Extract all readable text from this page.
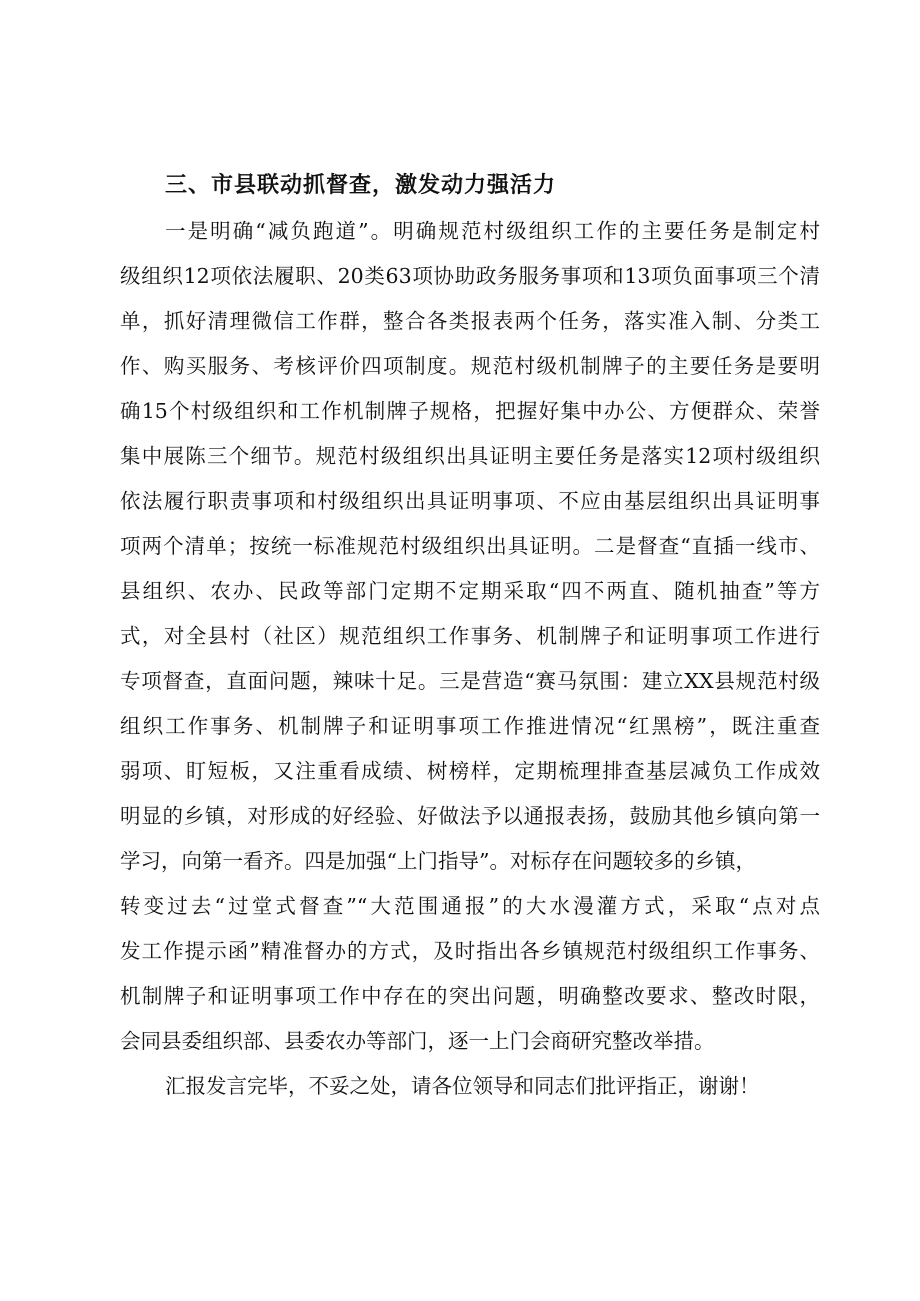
三、市县联动抓督查，激发动力强活力
一是明确“减负跑道”。明确规范村级组织工作的主要任务是制定村
级组织12项依法履职、20类63项协助政务服务事项和13项负面事项三个清
单，抓好清理微信工作群，整合各类报表两个任务，落实准入制、分类工
作、购买服务、考核评价四项制度。规范村级机制牌子的主要任务是要明
确15个村级组织和工作机制牌子规格，把握好集中办公、方便群众、荣誉
集中展陈三个细节。规范村级组织出具证明主要任务是落实12项村级组织
依法履行职责事项和村级组织出具证明事项、不应由基层组织出具证明事
项两个清单；按统一标准规范村级组织出具证明。二是督查“直插一线市、
县组织、农办、民政等部门定期不定期采取“四不两直、随机抽查”等方
式，对全县村（社区）规范组织工作事务、机制牌子和证明事项工作进行
专项督查，直面问题，辣味十足。三是营造“赛马氛围：建立XX县规范村级
组织工作事务、机制牌子和证明事项工作推进情况“红黑榜”，既注重查
弱项、盯短板，又注重看成绩、树榜样，定期梳理排查基层减负工作成效
明显的乡镇，对形成的好经验、好做法予以通报表扬，鼓励其他乡镇向第一
学习，向第一看齐。四是加强“上门指导”。对标存在问题较多的乡镇，
转变过去“过堂式督查”“大范围通报”的大水漫灌方式，采取“点对点
发工作提示函”精准督办的方式，及时指出各乡镇规范村级组织工作事务、
机制牌子和证明事项工作中存在的突出问题，明确整改要求、整改时限，
会同县委组织部、县委农办等部门，逐一上门会商研究整改举措。
汇报发言完毕，不妥之处，请各位领导和同志们批评指正，谢谢！
